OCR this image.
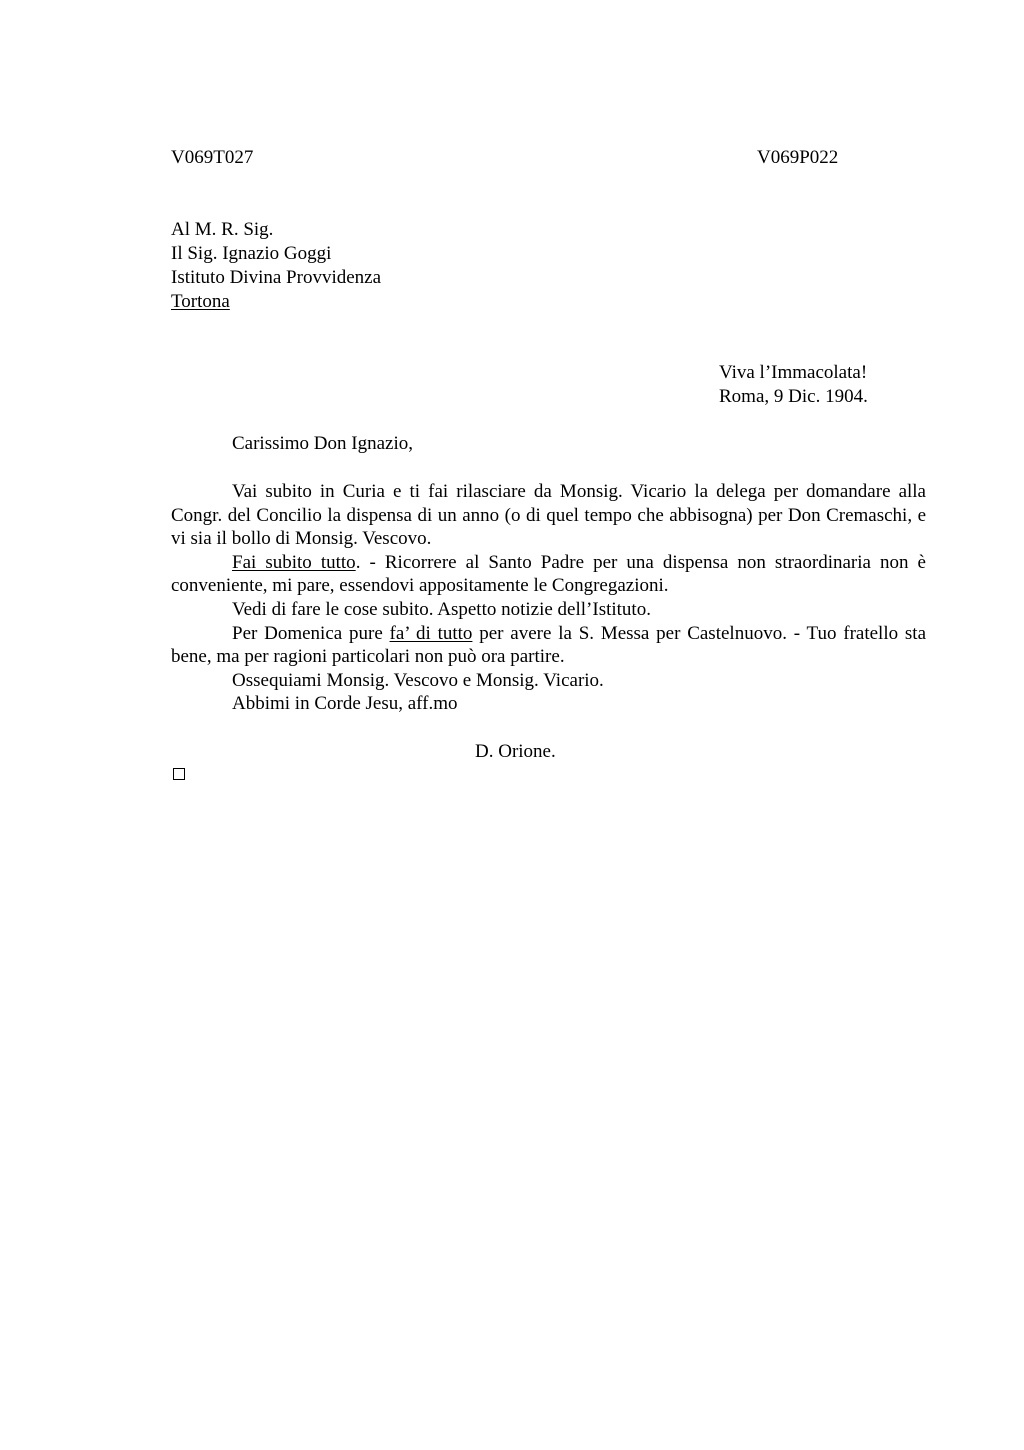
V069T027	V069P022
Al M. R. Sig.
Il Sig. Ignazio Goggi
Istituto Divina Provvidenza
Tortona
Viva l’Immacolata!
Roma, 9 Dic. 1904.
Carissimo Don Ignazio,

Vai subito in Curia e ti fai rilasciare da Monsig. Vicario la delega per domandare alla Congr. del Concilio la dispensa di un anno (o di quel tempo che abbisogna) per Don Cremaschi, e vi sia il bollo di Monsig. Vescovo.

Fai subito tutto. - Ricorrere al Santo Padre per una dispensa non straordinaria non è conveniente, mi pare, essendovi appositamente le Congregazioni.

Vedi di fare le cose subito. Aspetto notizie dell’Istituto.

Per Domenica pure fa’ di tutto per avere la S. Messa per Castelnuovo. - Tuo fratello sta bene, ma per ragioni particolari non può ora partire.

Ossequiami Monsig. Vescovo e Monsig. Vicario.

Abbimi in Corde Jesu, aff.mo

D. Orione.
